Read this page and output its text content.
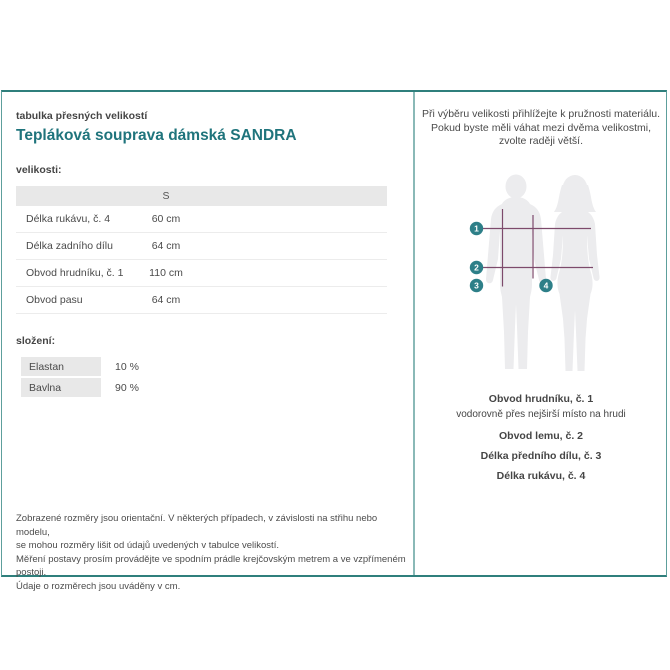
tabulka přesných velikostí
Tepláková souprava dámská SANDRA
velikosti:
S
Délka rukávu, č. 4	60 cm
Délka zadního dílu	64 cm
Obvod hrudníku, č. 1	110 cm
Obvod pasu	64 cm
složení:
Elastan	10 %
Bavlna	90 %
Zobrazené rozměry jsou orientační. V některých případech, v závislosti na střihu nebo modelu,
se mohou rozměry lišit od údajů uvedených v tabulce velikostí.
Měření postavy prosím provádějte ve spodním prádle krejčovským metrem a ve vzpřímeném postoji.
Údaje o rozměrech jsou uváděny v cm.
Při výběru velikosti přihlížejte k pružnosti materiálu.
Pokud byste měli váhat mezi dvěma velikostmi,
zvolte raději větší.
1
2
3	4
Obvod hrudníku, č. 1
vodorovně přes nejširší místo na hrudi
Obvod lemu, č. 2
Délka předního dílu, č. 3
Délka rukávu, č. 4
